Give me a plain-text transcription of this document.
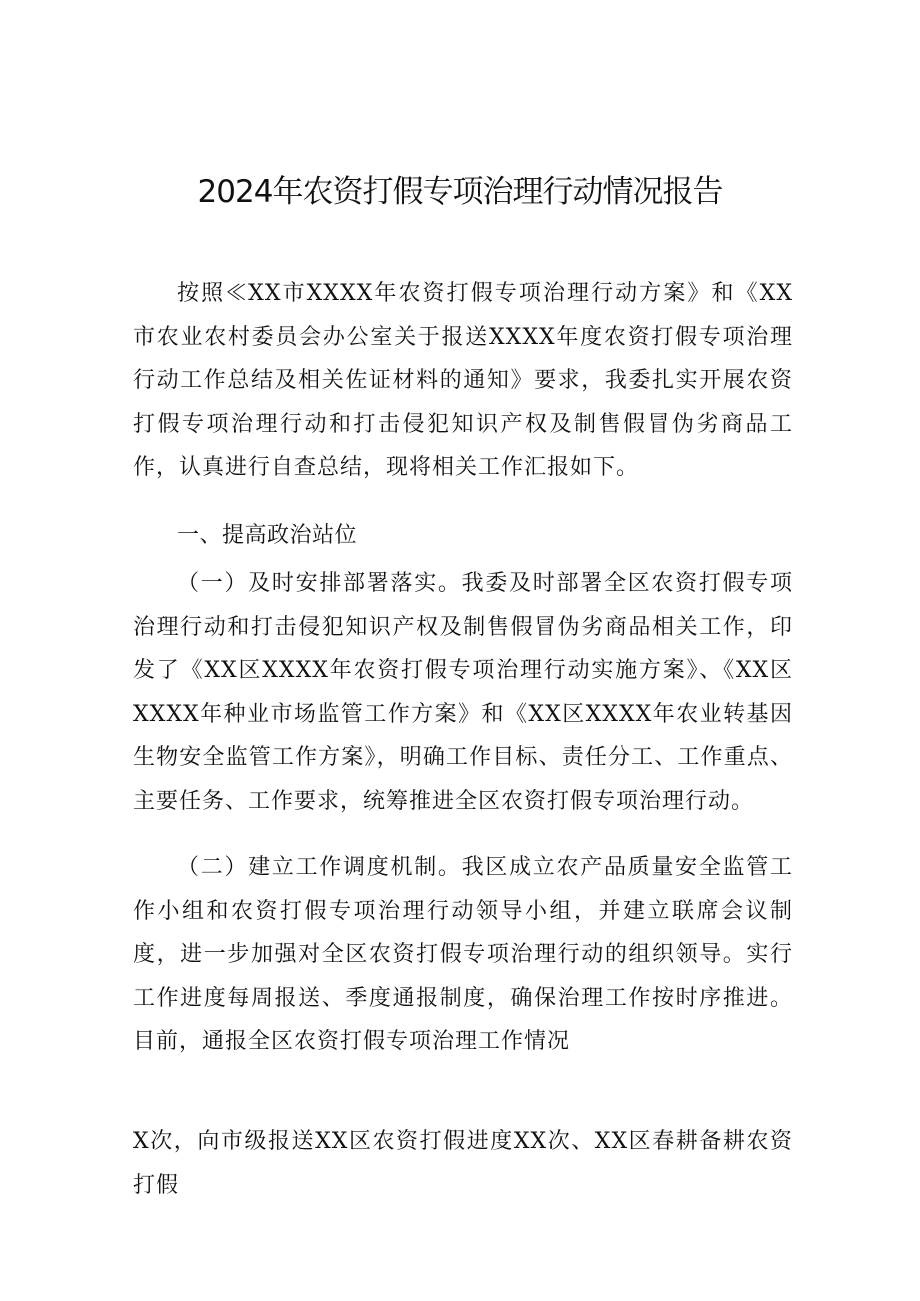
2024年农资打假专项治理行动情况报告

按照≪XX市XXXX年农资打假专项治理行动方案》和《XX市农业农村委员会办公室关于报送XXXX年度农资打假专项治理行动工作总结及相关佐证材料的通知》要求，我委扎实开展农资打假专项治理行动和打击侵犯知识产权及制售假冒伪劣商品工作，认真进行自查总结，现将相关工作汇报如下。

一、提高政治站位

（一）及时安排部署落实。我委及时部署全区农资打假专项治理行动和打击侵犯知识产权及制售假冒伪劣商品相关工作，印发了《XX区XXXX年农资打假专项治理行动实施方案》、《XX区XXXX年种业市场监管工作方案》和《XX区XXXX年农业转基因生物安全监管工作方案》，明确工作目标、责任分工、工作重点、主要任务、工作要求，统筹推进全区农资打假专项治理行动。

（二）建立工作调度机制。我区成立农产品质量安全监管工作小组和农资打假专项治理行动领导小组，并建立联席会议制度，进一步加强对全区农资打假专项治理行动的组织领导。实行工作进度每周报送、季度通报制度，确保治理工作按时序推进。目前，通报全区农资打假专项治理工作情况

X次，向市级报送XX区农资打假进度XX次、XX区春耕备耕农资打假
